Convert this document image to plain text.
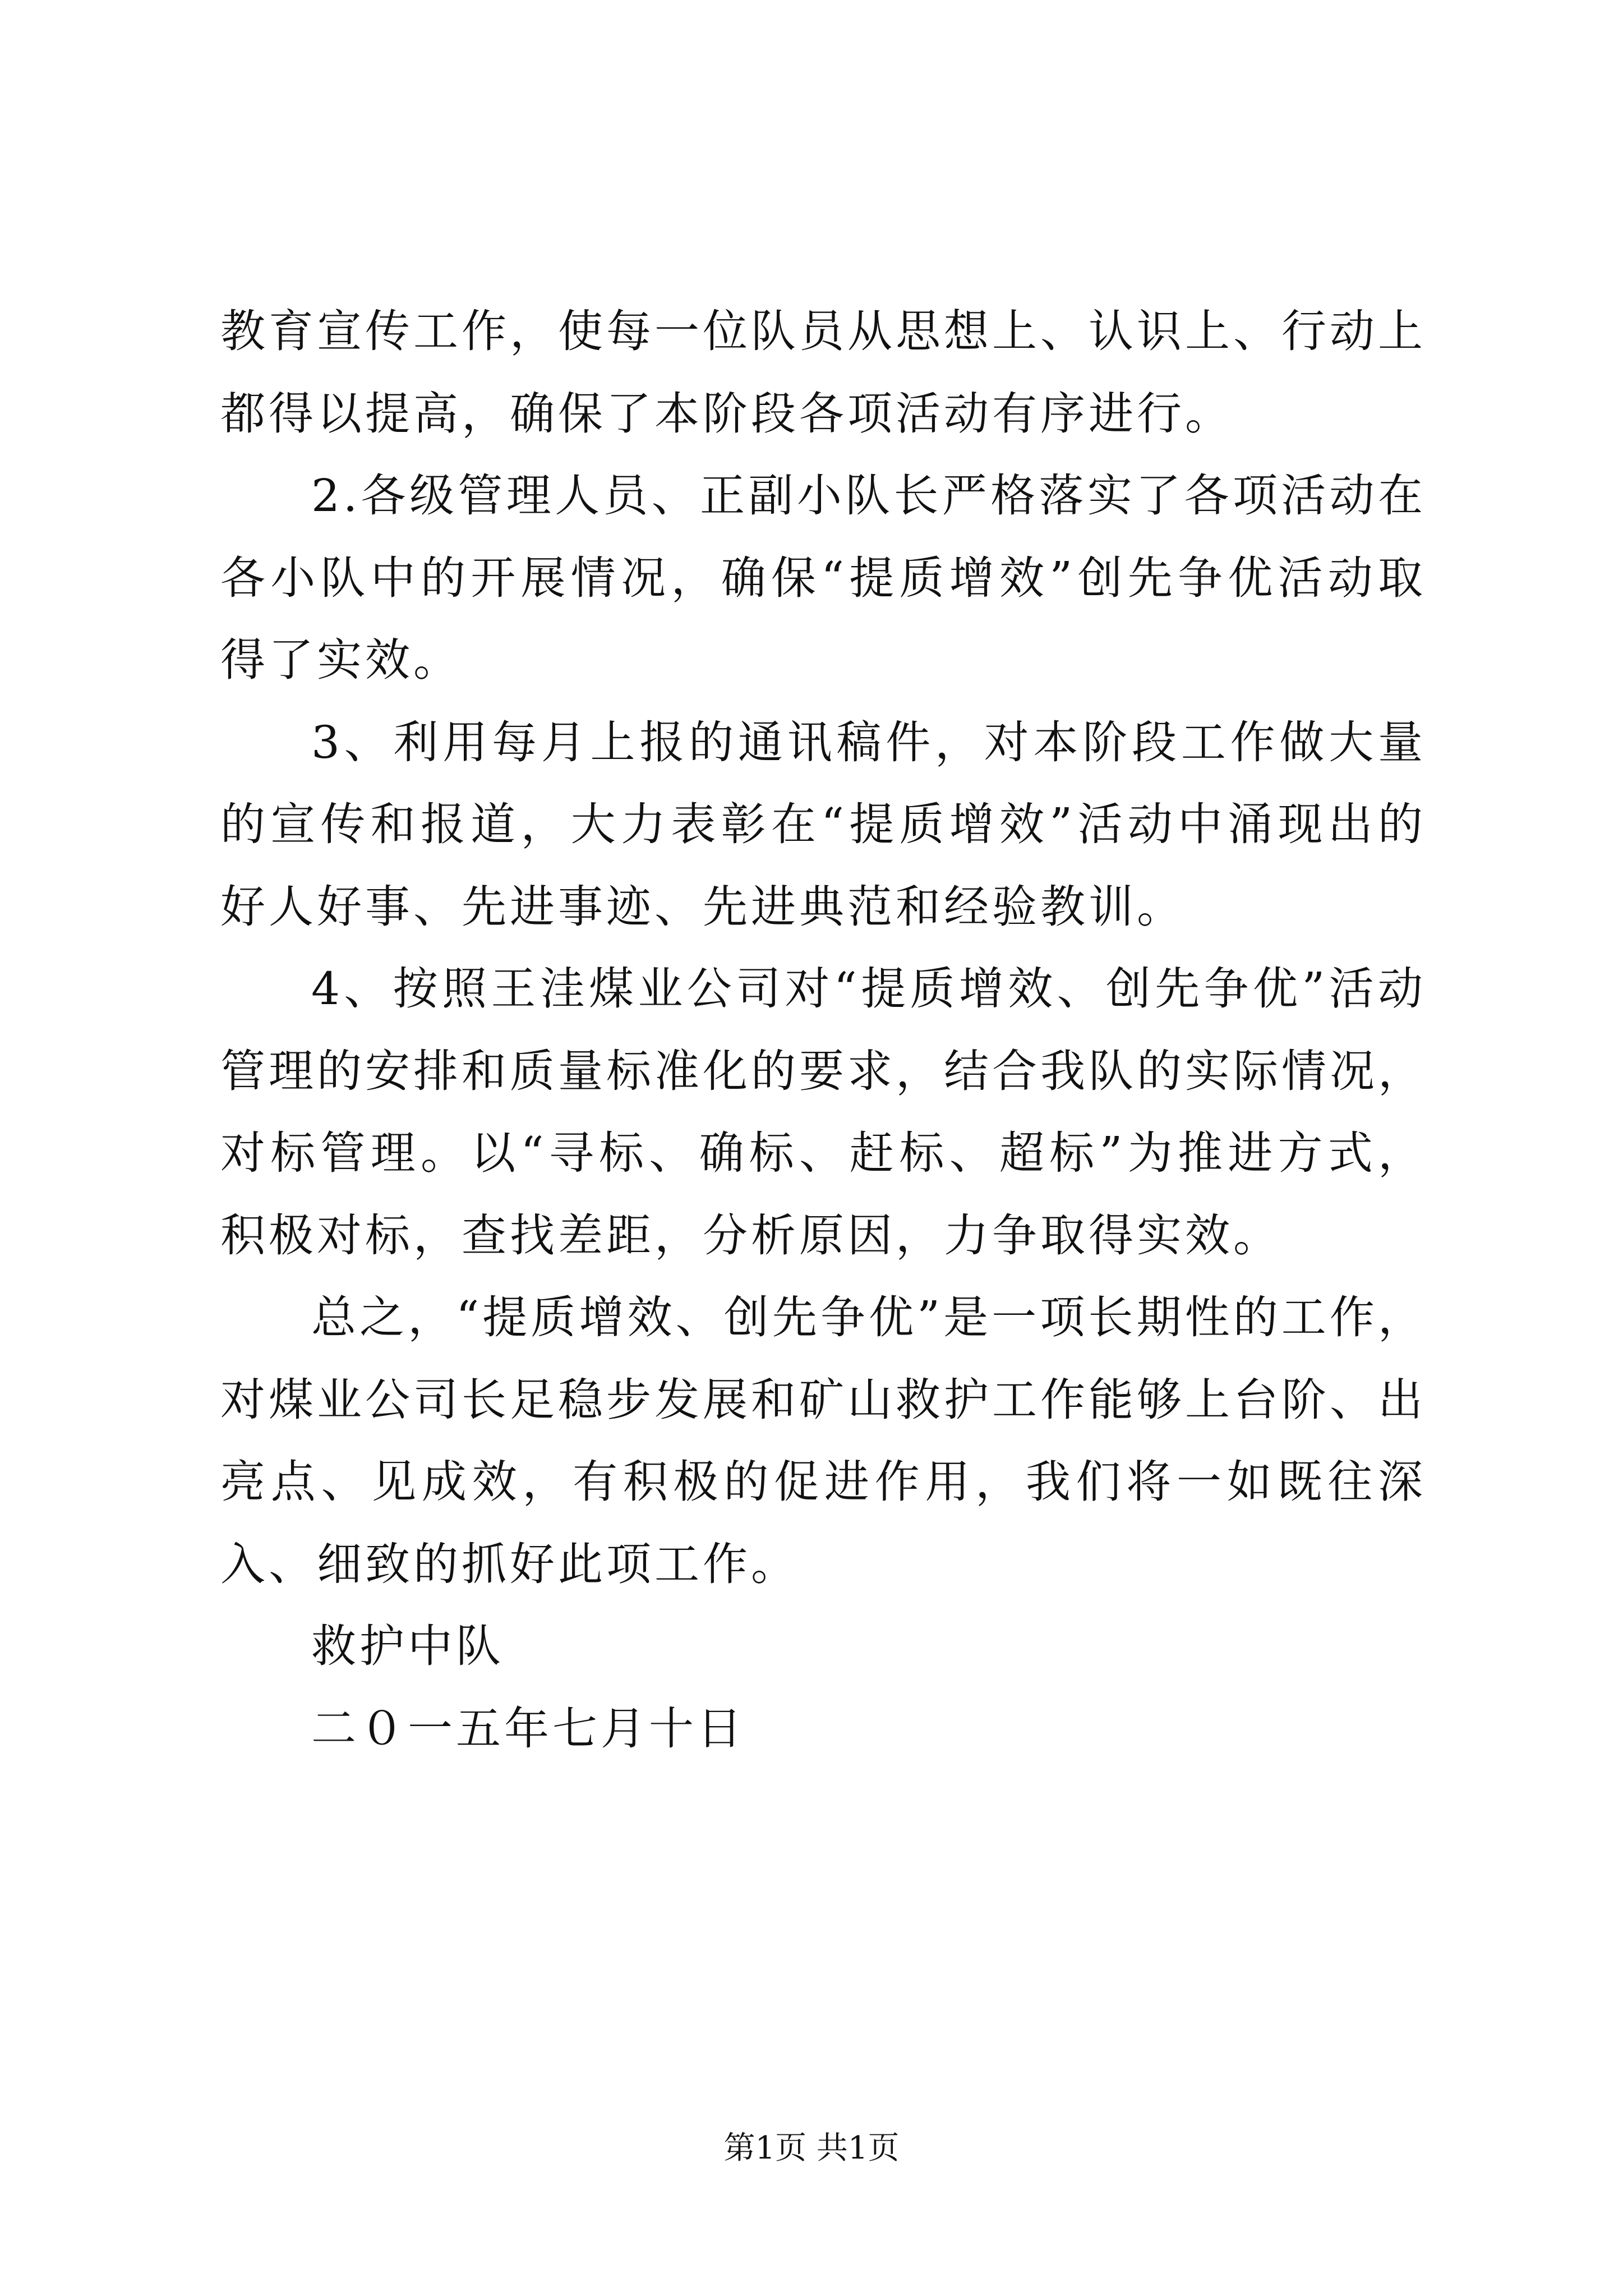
教育宣传工作，使每一位队员从思想上、认识上、行动上都得以提高，确保了本阶段各项活动有序进行。

2.各级管理人员、正副小队长严格落实了各项活动在各小队中的开展情况，确保“提质增效”创先争优活动取得了实效。

3、利用每月上报的通讯稿件，对本阶段工作做大量的宣传和报道，大力表彰在“提质增效”活动中涌现出的好人好事、先进事迹、先进典范和经验教训。

4、按照王洼煤业公司对“提质增效、创先争优”活动管理的安排和质量标准化的要求，结合我队的实际情况，对标管理。以“寻标、确标、赶标、超标”为推进方式，积极对标，查找差距，分析原因，力争取得实效。

总之，“提质增效、创先争优”是一项长期性的工作，对煤业公司长足稳步发展和矿山救护工作能够上台阶、出亮点、见成效，有积极的促进作用，我们将一如既往深入、细致的抓好此项工作。

救护中队

二０一五年七月十日

第1页 共1页
